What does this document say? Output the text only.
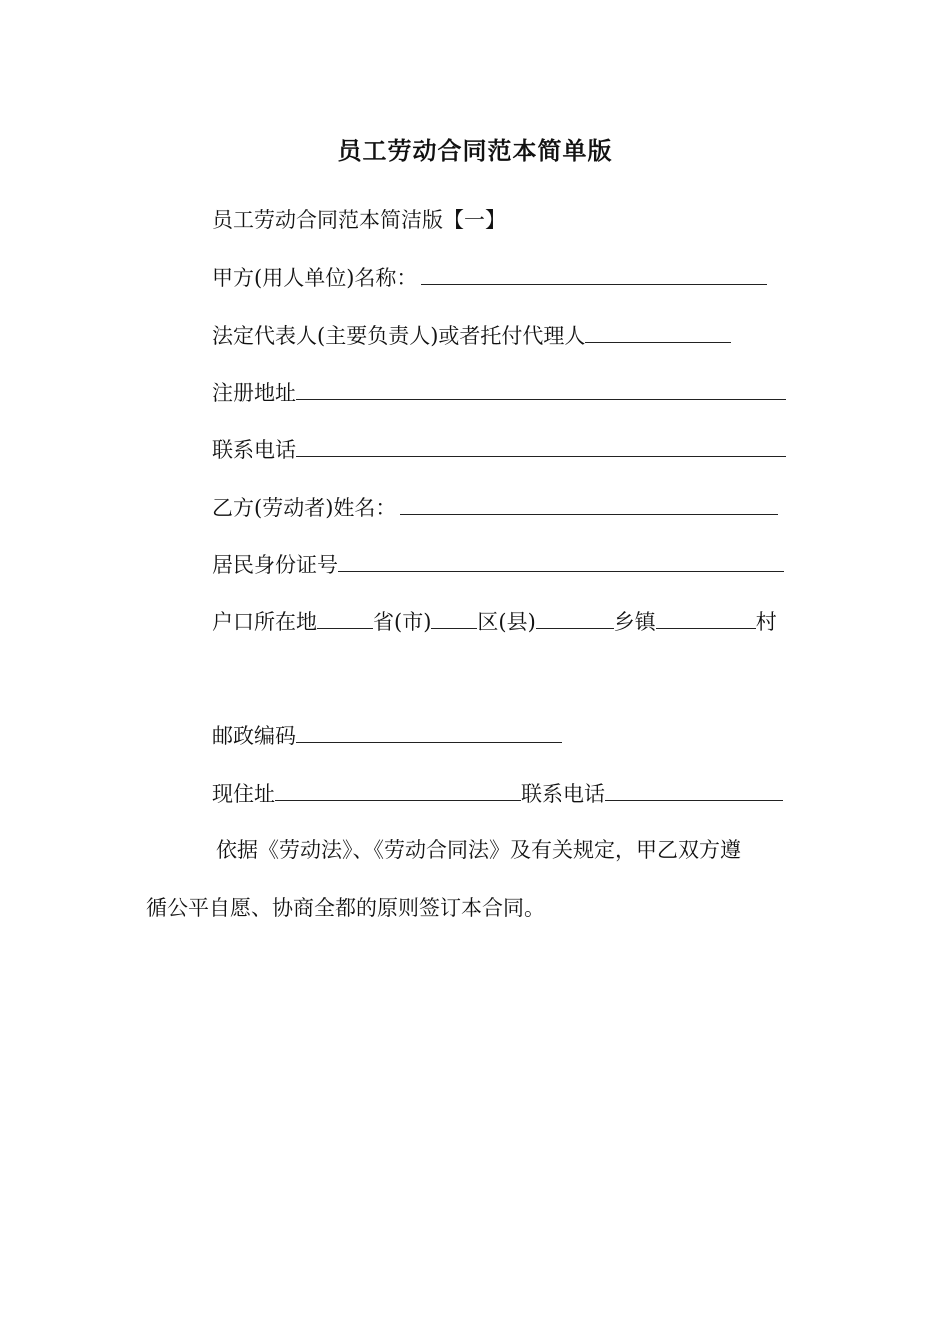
员工劳动合同范本简单版
员工劳动合同范本简洁版【一】
甲方(用人单位)名称：
法定代表人(主要负责人)或者托付代理人
注册地址
联系电话
乙方(劳动者)姓名：
居民身份证号
户口所在地	省(市) 区(县)	乡镇	村
邮政编码
现住址	联系电话
依据《劳动法》、《劳动合同法》及有关规定，甲乙双方遵
循公平自愿、协商全都的原则签订本合同。
